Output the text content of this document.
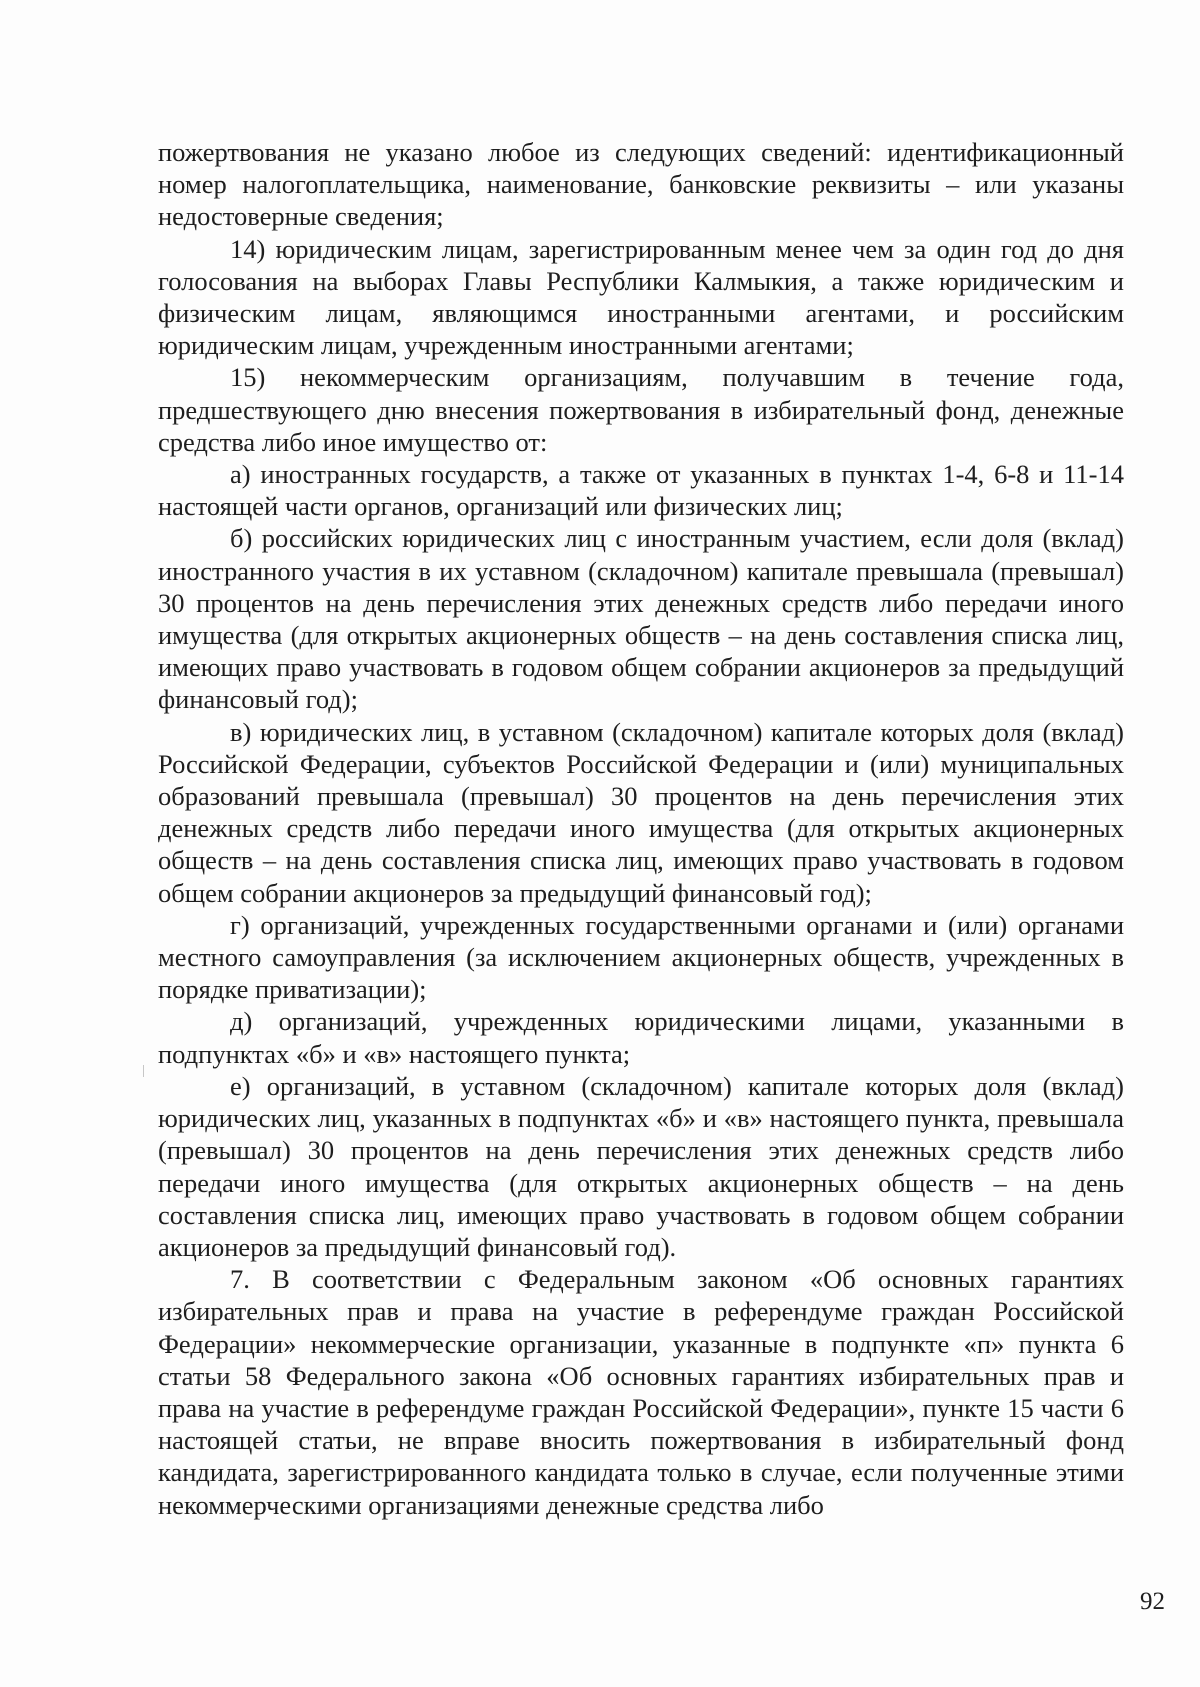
пожертвования не указано любое из следующих сведений: идентификационный номер налогоплательщика, наименование, банковские реквизиты – или указаны недостоверные сведения;

14) юридическим лицам, зарегистрированным менее чем за один год до дня голосования на выборах Главы Республики Калмыкия, а также юридическим и физическим лицам, являющимся иностранными агентами, и российским юридическим лицам, учрежденным иностранными агентами;

15) некоммерческим организациям, получавшим в течение года, предшествующего дню внесения пожертвования в избирательный фонд, денежные средства либо иное имущество от:

а) иностранных государств, а также от указанных в пунктах 1-4, 6-8 и 11-14 настоящей части органов, организаций или физических лиц;

б) российских юридических лиц с иностранным участием, если доля (вклад) иностранного участия в их уставном (складочном) капитале превышала (превышал) 30 процентов на день перечисления этих денежных средств либо передачи иного имущества (для открытых акционерных обществ – на день составления списка лиц, имеющих право участвовать в годовом общем собрании акционеров за предыдущий финансовый год);

в) юридических лиц, в уставном (складочном) капитале которых доля (вклад) Российской Федерации, субъектов Российской Федерации и (или) муниципальных образований превышала (превышал) 30 процентов на день перечисления этих денежных средств либо передачи иного имущества (для открытых акционерных обществ – на день составления списка лиц, имеющих право участвовать в годовом общем собрании акционеров за предыдущий финансовый год);

г) организаций, учрежденных государственными органами и (или) органами местного самоуправления (за исключением акционерных обществ, учрежденных в порядке приватизации);

д) организаций, учрежденных юридическими лицами, указанными в подпунктах «б» и «в» настоящего пункта;

е) организаций, в уставном (складочном) капитале которых доля (вклад) юридических лиц, указанных в подпунктах «б» и «в» настоящего пункта, превышала (превышал) 30 процентов на день перечисления этих денежных средств либо передачи иного имущества (для открытых акционерных обществ – на день составления списка лиц, имеющих право участвовать в годовом общем собрании акционеров за предыдущий финансовый год).

7. В соответствии с Федеральным законом «Об основных гарантиях избирательных прав и права на участие в референдуме граждан Российской Федерации» некоммерческие организации, указанные в подпункте «п» пункта 6 статьи 58 Федерального закона «Об основных гарантиях избирательных прав и права на участие в референдуме граждан Российской Федерации», пункте 15 части 6 настоящей статьи, не вправе вносить пожертвования в избирательный фонд кандидата, зарегистрированного кандидата только в случае, если полученные этими некоммерческими организациями денежные средства либо

92
